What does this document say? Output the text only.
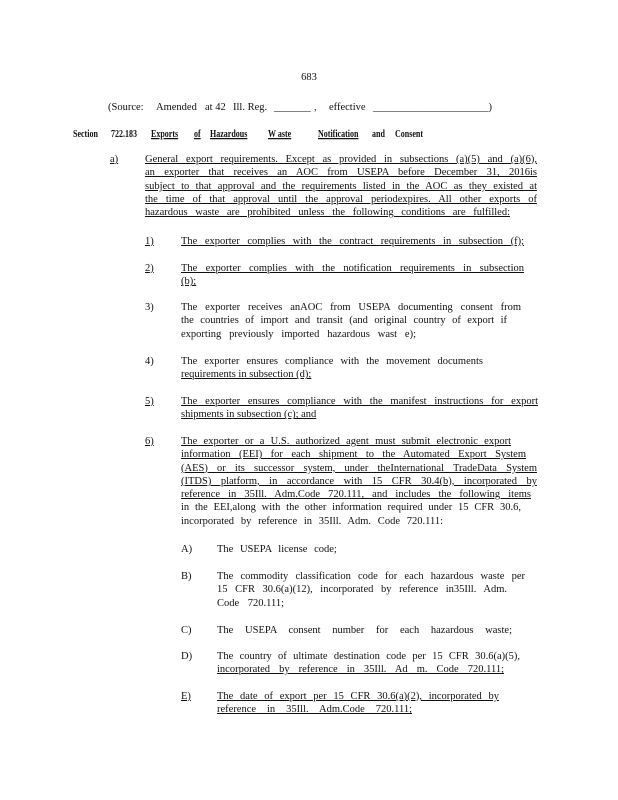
683
(Source: Amended at 42 Ill. Reg. _______ , effective ______________________)
Section 722.183 Exports of Hazardous	W aste	Notification and Consent
a)	General export requirements. Except as provided in subsections (a)(5) and (a)(6),
an exporter that receives an AOC from USEPA before December 31, 2016is
subject to that approval and the requirements listed in the AOC as they existed at
the time of that approval until the approval periodexpires. All other exports of
hazardous waste are prohibited unless the following conditions are fulfilled:
1)	The exporter complies with the contract requirements in subsection (f);
2)	The exporter complies with the notification requirements in subsection
(b);
3)	The exporter receives anAOC from USEPA documenting consent from
the countries of import and transit (and original country of export if
exporting previously imported hazardous wast e);
4)	The exporter ensures compliance with the movement documents
requirements in subsection (d);
5)	The exporter ensures compliance with the manifest instructions for export
shipments in subsection (c); and
6)	The exporter or a U.S. authorized agent must submit electronic export
information (EEI) for each shipment to the Automated Export System
(AES) or its successor system, under theInternational TradeData System
(ITDS) platform, in accordance with 15 CFR 30.4(b), incorporated by
reference in 35Ill. Adm.Code 720.111, and includes the following items
in the EEI,along with the other information required under 15 CFR 30.6,
incorporated by reference in 35Ill. Adm. Code 720.111:
A) The USEPA license code;
B) The commodity classification code for each hazardous waste per
15 CFR 30.6(a)(12), incorporated by reference in35Ill. Adm.
Code 720.111;
C) The USEPA consent number for each hazardous waste;
D) The country of ultimate destination code per 15 CFR 30.6(a)(5),
incorporated by reference in 35Ill. Ad m. Code 720.111;
E) The date of export per 15 CFR 30.6(a)(2), incorporated by
reference in 35Ill. Adm.Code 720.111;
